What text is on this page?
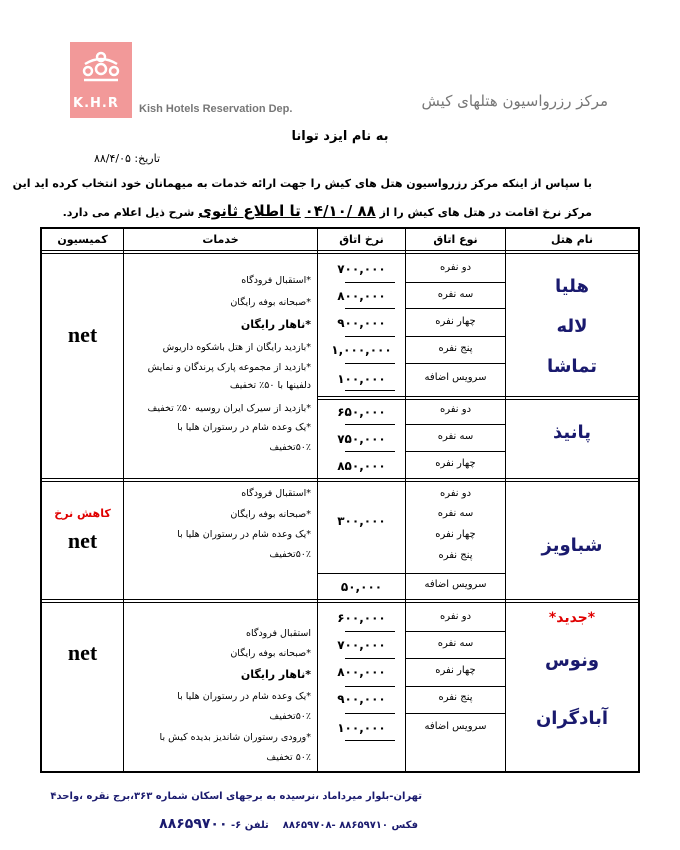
K.H.R Kish Hotels Reservation Dep.	مرکز رزرواسیون هتلهای کیش
به نام ایزد توانا
تاریخ: ۸۸/۴/۰۵
با سپاس از اینکه مرکز رزرواسیون هتل های کیش را جهت ارائه خدمات به میهمانان خود انتخاب کرده اید این
مرکز نرخ اقامت در هتل های کیش را از ۸۸ /۰۴/۱۰ تا اطلاع ثانوی شرح ذیل اعلام می دارد.
نام هتل
نوع اتاق
نرخ اتاق
خدمات
کمیسیون
هلیا
لاله
تماشا
دو نفره
سه نفره
چهار نفره
پنج نفره
سرویس اضافه
۷۰۰,۰۰۰
۸۰۰,۰۰۰
۹۰۰,۰۰۰
۱,۰۰۰,۰۰۰
۱۰۰,۰۰۰
*استقبال فرودگاه
*صبحانه بوفه رایگان
*ناهار رایگان
*بازدید رایگان از هتل باشکوه داریوش
*بازدید از مجموعه پارک پرندگان و نمایش
دلفینها با ۵۰٪ تخفیف
*بازدید از سیرک ایران روسیه ۵۰٪ تخفیف
*یک وعده شام در رستوران هلیا با
۵۰٪تخفیف
net
پانیذ
دو نفره
سه نفره
چهار نفره
۶۵۰,۰۰۰
۷۵۰,۰۰۰
۸۵۰,۰۰۰
شباویز
دو نفره
سه نفره
چهار نفره
پنج نفره
سرویس اضافه
۳۰۰,۰۰۰
۵۰,۰۰۰
*استقبال فرودگاه
*صبحانه بوفه رایگان
*یک وعده شام در رستوران هلیا با
۵۰٪تخفیف
کاهش نرخ
net
*جدید*
ونوس
آبادگران
دو نفره
سه نفره
چهار نفره
پنج نفره
سرویس اضافه
۶۰۰,۰۰۰
۷۰۰,۰۰۰
۸۰۰,۰۰۰
۹۰۰,۰۰۰
۱۰۰,۰۰۰
استقبال فرودگاه
*صبحانه بوفه رایگان
*ناهار رایگان
*یک وعده شام در رستوران هلیا با
۵۰٪تخفیف
*ورودی رستوران شاندیز بدیده کیش با
۵۰٪ تخفیف
net
تهران-بلوار میرداماد ،نرسیده به برجهای اسکان شماره ۳۶۳،برج نقره ،واحد۴
فکس ۸۸۶۵۹۷۱۰ -۸۸۶۵۹۷۰۸    تلفن ۶- ۸۸۶۵۹۷۰۰
